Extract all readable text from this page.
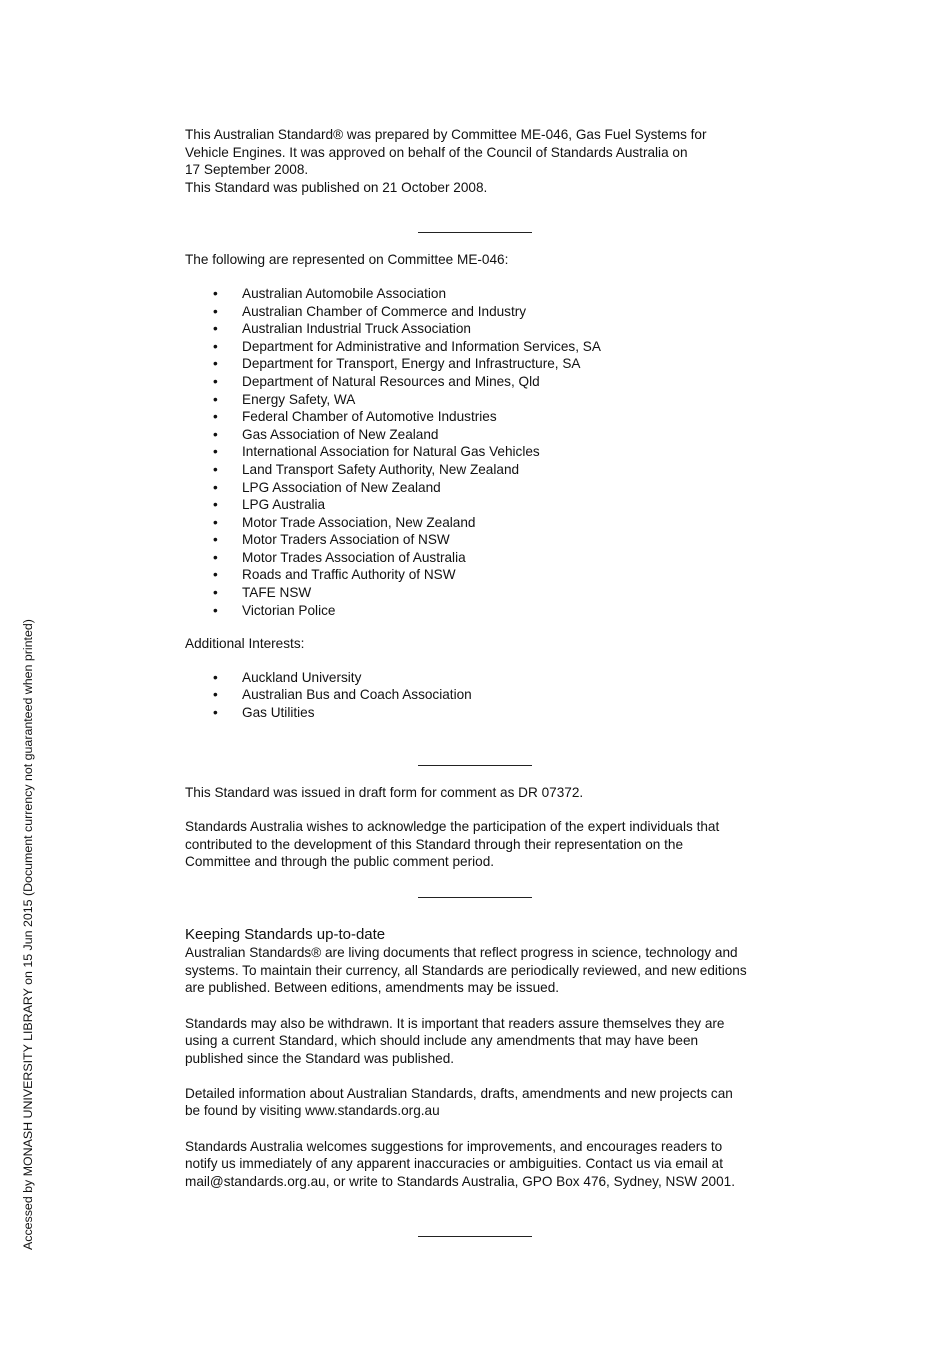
This Australian Standard® was prepared by Committee ME-046, Gas Fuel Systems for
Vehicle Engines. It was approved on behalf of the Council of Standards Australia on
17 September 2008.
This Standard was published on 21 October 2008.

The following are represented on Committee ME-046:

• Australian Automobile Association
• Australian Chamber of Commerce and Industry
• Australian Industrial Truck Association
• Department for Administrative and Information Services, SA
• Department for Transport, Energy and Infrastructure, SA
• Department of Natural Resources and Mines, Qld
• Energy Safety, WA
• Federal Chamber of Automotive Industries
• Gas Association of New Zealand
• International Association for Natural Gas Vehicles
• Land Transport Safety Authority, New Zealand
• LPG Association of New Zealand
• LPG Australia
• Motor Trade Association, New Zealand
• Motor Traders Association of NSW
• Motor Trades Association of Australia
• Roads and Traffic Authority of NSW
• TAFE NSW
• Victorian Police

Additional Interests:

• Auckland University
• Australian Bus and Coach Association
• Gas Utilities

This Standard was issued in draft form for comment as DR 07372.

Standards Australia wishes to acknowledge the participation of the expert individuals that
contributed to the development of this Standard through their representation on the
Committee and through the public comment period.

Keeping Standards up-to-date

Australian Standards® are living documents that reflect progress in science, technology and
systems. To maintain their currency, all Standards are periodically reviewed, and new editions
are published. Between editions, amendments may be issued.

Standards may also be withdrawn. It is important that readers assure themselves they are
using a current Standard, which should include any amendments that may have been
published since the Standard was published.

Detailed information about Australian Standards, drafts, amendments and new projects can
be found by visiting www.standards.org.au

Standards Australia welcomes suggestions for improvements, and encourages readers to
notify us immediately of any apparent inaccuracies or ambiguities. Contact us via email at
mail@standards.org.au, or write to Standards Australia, GPO Box 476, Sydney, NSW 2001.

Accessed by MONASH UNIVERSITY LIBRARY on 15 Jun 2015 (Document currency not guaranteed when printed)
